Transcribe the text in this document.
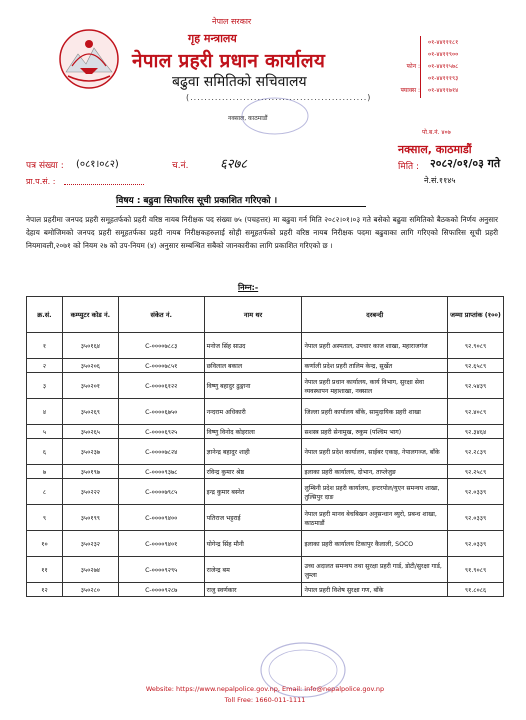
नेपाल सरकार
गृह मन्त्रालय
नेपाल प्रहरी प्रधान कार्यालय
बढुवा समितिको सचिवालय
(..................................................)
नक्साल, काठमाडौं
०१-४४१११८१
०१-४४११९००
फोन : ०१-४४११५७८
०१-४४१११९३
फ्याक्स : ०१-४४११७१४
पो.ब.नं. ४०७
नक्साल, काठमाडौं
मिति : २०८२/०१/०३ गते
ने.सं.११४५
पत्र संख्या : (०८१।०८२)	च.नं. ६२७८
प्रा.प.सं. :
विषय : बढुवा सिफारिस सूची प्रकाशित गरिएको ।
नेपाल प्रहरीमा जनपद प्रहरी समूहतर्फको प्रहरी वरिष्ठ नायब निरीक्षक पद संख्या ७५ (पचहत्तर) मा बढुवा गर्न मिति २०८२।०१।०३ गते बसेको बढुवा समितिको बैठकको निर्णय अनुसार देहाय बमोजिमको जनपद प्रहरी समूहतर्फका प्रहरी नायब निरीक्षकहरुलाई सोही समूहतर्फको प्रहरी वरिष्ठ नायब निरीक्षक पदमा बढुवाका लागि गरिएको सिफारिस सूची प्रहरी नियमावली,२०७१ को नियम २७ को उप-नियम (४) अनुसार सम्बन्धित सबैको जानकारीका लागि प्रकाशित गरिएको छ ।
निम्न:-
क्र.सं.	कम्प्युटर कोड नं.	संकेत नं.	नाम थर	दरबन्दी	जम्मा प्राप्तांक (१००)
१	३५०१६४	C-००००७८८३	मनोज सिंह साउद	नेपाल प्रहरी अस्पताल, उपचार काज शाखा, महाराजगंज	९२.९०८९
२	३५०२०६	C-००००७८५१	छविलाल बकाल	कर्णाली प्रदेश प्रहरी तालिम केन्द्र, सुर्खेत	९२.६५८९
३	३५०२०१	C-००००६१२२	विष्णु बहादुर ढुङ्गाना	नेपाल प्रहरी प्रधान कार्यालय, कार्य विभाग, सुरक्षा सेवा व्यवस्थापन महाशाखा, नक्साल	९२.५४३९
४	३५०२६९	C-००००६७५०	नन्दराम अधिकारी	जिल्ला प्रहरी कार्यालय बाँके, सामुदायिक प्रहरी शाखा	९२.४०८९
५	३५०२६५	C-००००६९२५	विष्णु विनोद कोइराला	सशस्त्र प्रहरी सेनामुख, रुकुम (पश्चिम भाग)	९२.३४६४
६	३५०२३७	C-००००७८२४	ज्ञानेन्द्र बहादुर शाही	नेपाल प्रहरी प्रदेश कार्यालय, साईबर एकाइ, नेपालगञ्ज, बाँके	९२.२८३९
७	३५०१९७	C-००००९३७८	रविन्द्र कुमार श्रेष्ठ	इलाका प्रहरी कार्यालय, दोभान, ताप्लेजुङ	९२.२५८९
८	३५०२२२	C-००००७९८५	इन्द्र कुमार बस्नेत	लुम्बिनी प्रदेश प्रहरी कार्यालय, इन्टरपोल/युएन समन्वय शाखा, तुल्सिपुर दाङ	९२.०३३९
९	३५०१९९	C-००००९४००	पतिराज भट्टराई	नेपाल प्रहरी मानव बेचबिखन अनुसन्धान ब्युरो, प्रबन्ध शाखा, काठमाडौं	९२.०३३९
१०	३५०२३२	C-००००९४०१	योगेन्द्र सिंह मौनी	इलाका प्रहरी कार्यालय टिकापुर कैलाली, SOCO	९२.०३३९
११	३५०२७४	C-००००९२९५	राजेन्द्र बम	उच्च अदालत समन्वय तथा सुरक्षा प्रहरी गार्ड, डोटी/सुरक्षा गार्ड, जुम्ला	९१.९०८९
१२	३५०२८०	C-००००९२८७	राजु स्वर्णकार	नेपाल प्रहरी विशेष सुरक्षा गण, बाँके	९१.८०८६
Website: https://www.nepalpolice.gov.np, Email: info@nepalpolice.gov.np
Toll Free: 1660-011-1111
